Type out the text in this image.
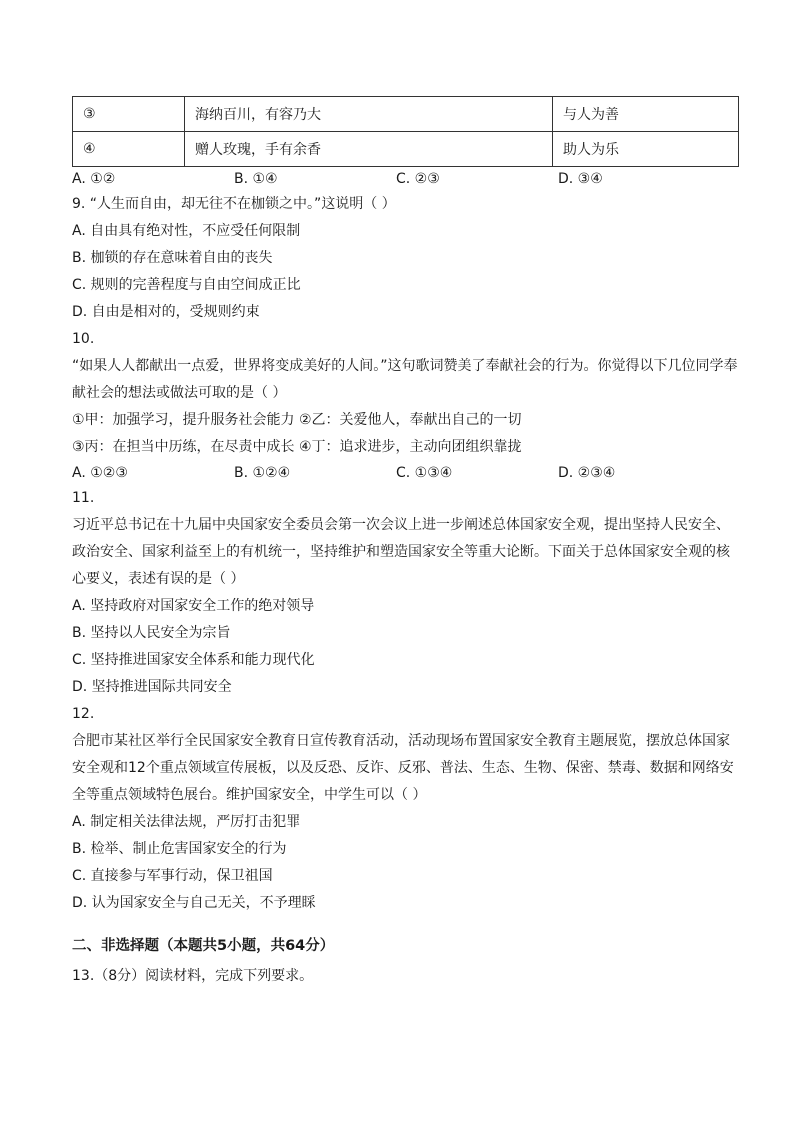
③	海纳百川，有容乃大	与人为善
④	赠人玫瑰，手有余香	助人为乐
A. ①②	B. ①④	C. ②③	D. ③④
9. “人生而自由，却无往不在枷锁之中。”这说明（ ）
A. 自由具有绝对性，不应受任何限制
B. 枷锁的存在意味着自由的丧失
C. 规则的完善程度与自由空间成正比
D. 自由是相对的，受规则约束
10.
“如果人人都献出一点爱，世界将变成美好的人间。”这句歌词赞美了奉献社会的行为。你觉得以下几位同学奉献社会的想法或做法可取的是（ ）
①甲：加强学习，提升服务社会能力 ②乙：关爱他人，奉献出自己的一切
③丙：在担当中历练，在尽责中成长 ④丁：追求进步，主动向团组织靠拢
A. ①②③	B. ①②④	C. ①③④	D. ②③④
11.
习近平总书记在十九届中央国家安全委员会第一次会议上进一步阐述总体国家安全观，提出坚持人民安全、政治安全、国家利益至上的有机统一，坚持维护和塑造国家安全等重大论断。下面关于总体国家安全观的核心要义，表述有误的是（ ）
A. 坚持政府对国家安全工作的绝对领导
B. 坚持以人民安全为宗旨
C. 坚持推进国家安全体系和能力现代化
D. 坚持推进国际共同安全
12.
合肥市某社区举行全民国家安全教育日宣传教育活动，活动现场布置国家安全教育主题展览，摆放总体国家安全观和12个重点领域宣传展板，以及反恐、反诈、反邪、普法、生态、生物、保密、禁毒、数据和网络安全等重点领域特色展台。维护国家安全，中学生可以（ ）
A. 制定相关法律法规，严厉打击犯罪
B. 检举、制止危害国家安全的行为
C. 直接参与军事行动，保卫祖国
D. 认为国家安全与自己无关，不予理睬
二、非选择题（本题共5小题，共64分）
13.（8分）阅读材料，完成下列要求。
